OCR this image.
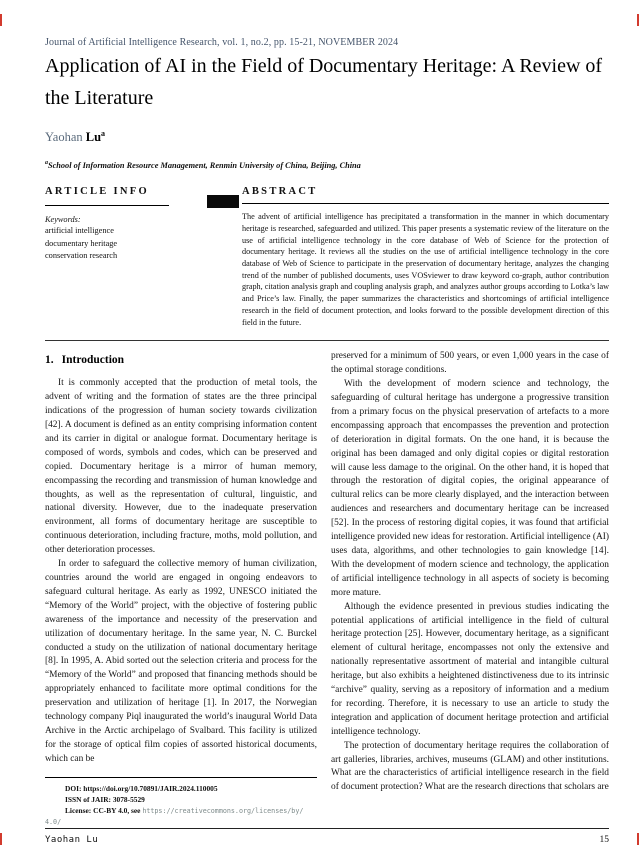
Journal of Artificial Intelligence Research, vol. 1, no.2, pp. 15-21, NOVEMBER 2024
Application of AI in the Field of Documentary Heritage: A Review of the Literature
Yaohan Lu$^a$
$^a$School of Information Resource Management, Renmin University of China, Beijing, China
ARTICLE INFO
Keywords:
artificial intelligence
documentary heritage
conservation research
ABSTRACT

The advent of artificial intelligence has precipitated a transformation in the manner in which documentary heritage is researched, safeguarded and utilized. This paper presents a systematic review of the literature on the use of artificial intelligence technology in the core database of Web of Science for the protection of documentary heritage. It reviews all the studies on the use of artificial intelligence technology in the core database of Web of Science to participate in the preservation of documentary heritage, analyzes the changing trend of the number of published documents, uses VOSviewer to draw keyword co-graph, author contribution graph, citation analysis graph and coupling analysis graph, and analyzes author groups according to Lotka’s law and Price’s law. Finally, the paper summarizes the characteristics and shortcomings of artificial intelligence research in the field of document protection, and looks forward to the possible development direction of this field in the future.

1. Introduction

It is commonly accepted that the production of metal tools, the advent of writing and the formation of states are the three principal indications of the progression of human society towards civilization [42]. A document is defined as an entity comprising information content and its carrier in digital or analogue format. Documentary heritage is composed of words, symbols and codes, which can be preserved and copied. Documentary heritage is a mirror of human memory, encompassing the recording and transmission of human knowledge and thoughts, as well as the representation of cultural, linguistic, and national diversity. However, due to the inadequate preservation environment, all forms of documentary heritage are susceptible to continuous deterioration, including fracture, moths, mold pollution, and other deterioration processes.

In order to safeguard the collective memory of human civilization, countries around the world are engaged in ongoing endeavors to safeguard cultural heritage. As early as 1992, UNESCO initiated the “Memory of the World” project, with the objective of fostering public awareness of the importance and necessity of the preservation and utilization of documentary heritage. In the same year, N. C. Burckel conducted a study on the utilization of national documentary heritage [8]. In 1995, A. Abid sorted out the selection criteria and process for the “Memory of the World” and proposed that financing methods should be appropriately enhanced to facilitate more optimal conditions for the preservation and utilization of heritage [1]. In 2017, the Norwegian technology company Piql inaugurated the world’s inaugural World Data Archive in the Arctic archipelago of Svalbard. This facility is utilized for the storage of optical film copies of assorted historical documents, which can be

DOI: https://doi.org/10.70891/JAIR.2024.110005
ISSN of JAIR: 3078-5529
License: CC-BY 4.0, see https://creativecommons.org/licenses/by/
4.0/

preserved for a minimum of 500 years, or even 1,000 years in the case of the optimal storage conditions.

With the development of modern science and technology, the safeguarding of cultural heritage has undergone a progressive transition from a primary focus on the physical preservation of artefacts to a more encompassing approach that encompasses the prevention and protection of deterioration in digital formats. On the one hand, it is because the original has been damaged and only digital copies or digital restoration will cause less damage to the original. On the other hand, it is hoped that through the restoration of digital copies, the original appearance of cultural relics can be more clearly displayed, and the interaction between audiences and researchers and documentary heritage can be increased [52]. In the process of restoring digital copies, it was found that artificial intelligence provided new ideas for restoration. Artificial intelligence (AI) uses data, algorithms, and other technologies to gain knowledge [14]. With the development of modern science and technology, the application of artificial intelligence technology in all aspects of society is becoming more mature.

Although the evidence presented in previous studies indicating the potential applications of artificial intelligence in the field of cultural heritage protection [25]. However, documentary heritage, as a significant element of cultural heritage, encompasses not only the extensive and nationally representative assortment of material and intangible cultural heritage, but also exhibits a heightened distinctiveness due to its intrinsic “archive” quality, serving as a repository of information and a medium for recording. Therefore, it is necessary to use an article to study the integration and application of document heritage protection and artificial intelligence technology.

The protection of documentary heritage requires the collaboration of art galleries, libraries, archives, museums (GLAM) and other institutions. What are the characteristics of artificial intelligence research in the field of document protection? What are the research directions that scholars are

Yaohan Lu	15
